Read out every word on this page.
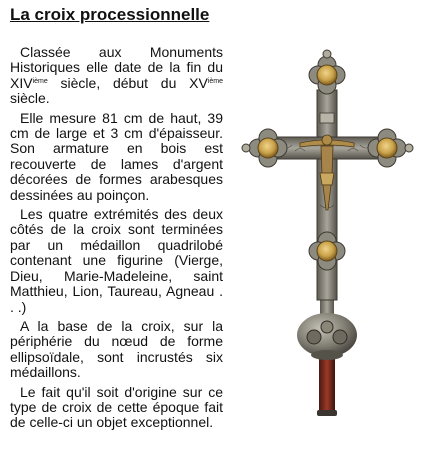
La croix processionnelle

Classée aux Monuments Historiques elle date de la fin du XIVième siècle, début du XVième siècle.

Elle mesure 81 cm de haut, 39 cm de large et 3 cm d'épaisseur. Son armature en bois est recouverte de lames d'argent décorées de formes arabesques dessinées au poinçon.

Les quatre extrémités des deux côtés de la croix sont terminées par un médaillon quadrilobé contenant une figurine (Vierge, Dieu, Marie-Madeleine, saint Matthieu, Lion, Taureau, Agneau . . .)

A la base de la croix, sur la périphérie du nœud de forme ellipsoïdale, sont incrustés six médaillons.

Le fait qu'il soit d'origine sur ce type de croix de cette époque fait de celle-ci un objet exceptionnel.
